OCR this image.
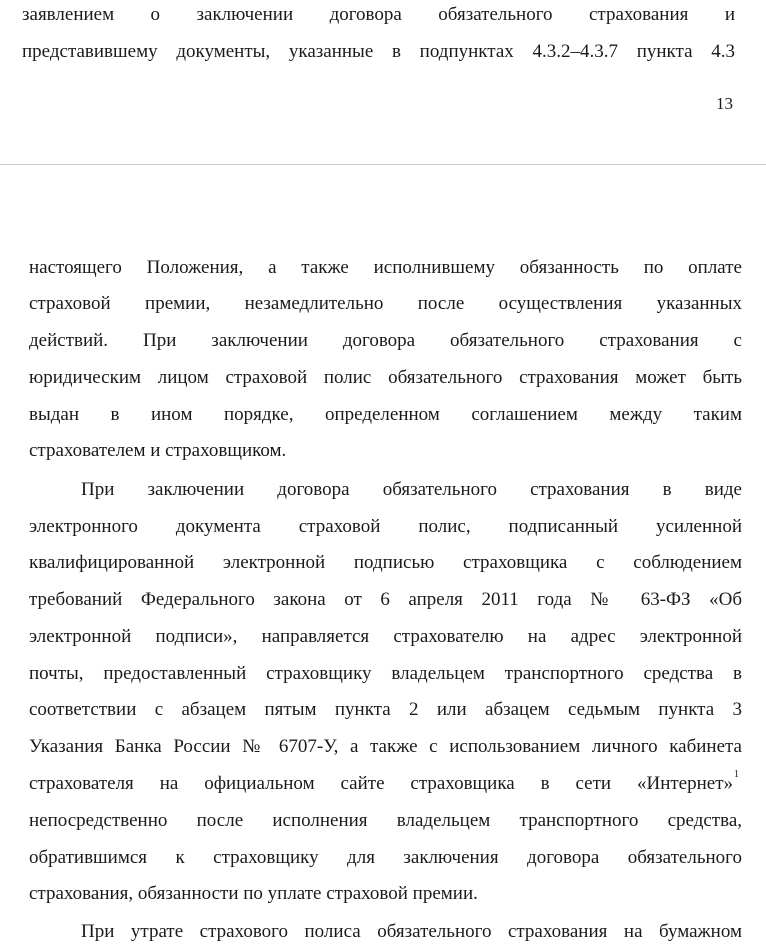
заявлением о заключении договора обязательного страхования и
представившему документы, указанные в подпунктах 4.3.2–4.3.7 пункта 4.3
13
настоящего Положения, а также исполнившему обязанность по оплате
страховой премии, незамедлительно после осуществления указанных
действий. При заключении договора обязательного страхования с
юридическим лицом страховой полис обязательного страхования может быть
выдан в ином порядке, определенном соглашением между таким
страхователем и страховщиком.
При заключении договора обязательного страхования в виде
электронного документа страховой полис, подписанный усиленной
квалифицированной электронной подписью страховщика с соблюдением
требований Федерального закона от 6 апреля 2011 года № 63-ФЗ «Об
электронной подписи», направляется страхователю на адрес электронной
почты, предоставленный страховщику владельцем транспортного средства в
соответствии с абзацем пятым пункта 2 или абзацем седьмым пункта 3
Указания Банка России № 6707-У, а также с использованием личного кабинета
страхователя на официальном сайте страховщика в сети «Интернет» 1
непосредственно после исполнения владельцем транспортного средства,
обратившимся к страховщику для заключения договора обязательного
страхования, обязанности по уплате страховой премии.
При утрате страхового полиса обязательного страхования на бумажном
